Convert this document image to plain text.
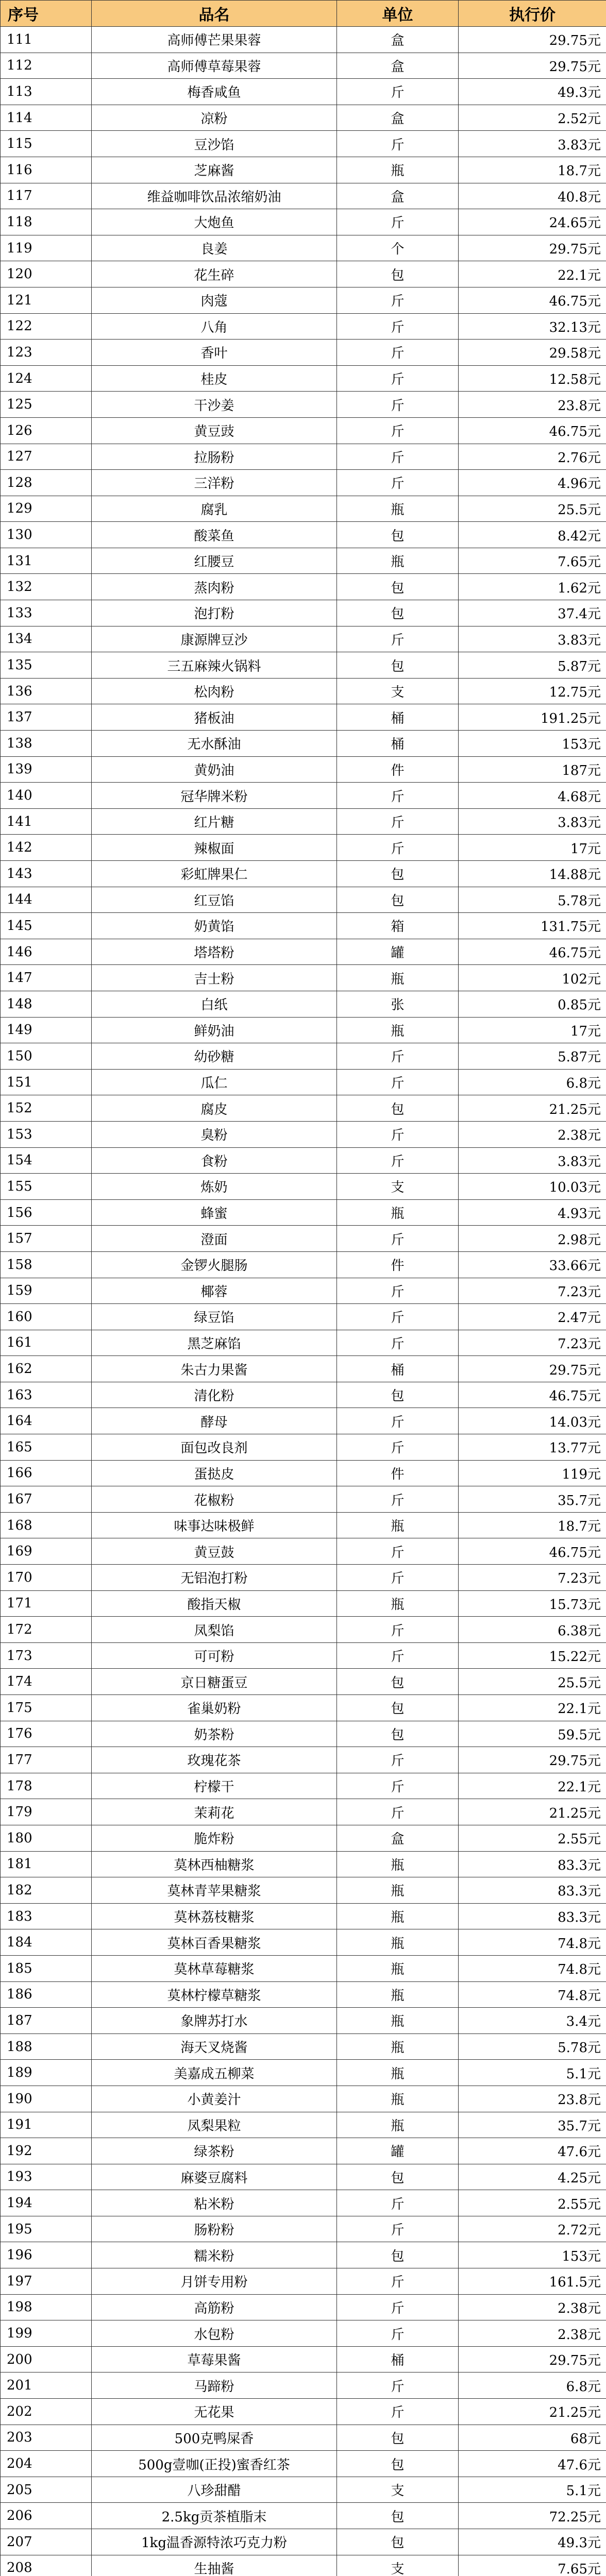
序号	品名	单位	执行价
111	高师傅芒果果蓉	盒	29.75元
112	高师傅草莓果蓉	盒	29.75元
113	梅香咸鱼	斤	49.3元
114	凉粉	盒	2.52元
115	豆沙馅	斤	3.83元
116	芝麻酱	瓶	18.7元
117	维益咖啡饮品浓缩奶油	盒	40.8元
118	大炮鱼	斤	24.65元
119	良姜	个	29.75元
120	花生碎	包	22.1元
121	肉蔻	斤	46.75元
122	八角	斤	32.13元
123	香叶	斤	29.58元
124	桂皮	斤	12.58元
125	干沙姜	斤	23.8元
126	黄豆豉	斤	46.75元
127	拉肠粉	斤	2.76元
128	三洋粉	斤	4.96元
129	腐乳	瓶	25.5元
130	酸菜鱼	包	8.42元
131	红腰豆	瓶	7.65元
132	蒸肉粉	包	1.62元
133	泡打粉	包	37.4元
134	康源牌豆沙	斤	3.83元
135	三五麻辣火锅料	包	5.87元
136	松肉粉	支	12.75元
137	猪板油	桶	191.25元
138	无水酥油	桶	153元
139	黄奶油	件	187元
140	冠华牌米粉	斤	4.68元
141	红片糖	斤	3.83元
142	辣椒面	斤	17元
143	彩虹牌果仁	包	14.88元
144	红豆馅	包	5.78元
145	奶黄馅	箱	131.75元
146	塔塔粉	罐	46.75元
147	吉士粉	瓶	102元
148	白纸	张	0.85元
149	鲜奶油	瓶	17元
150	幼砂糖	斤	5.87元
151	瓜仁	斤	6.8元
152	腐皮	包	21.25元
153	臭粉	斤	2.38元
154	食粉	斤	3.83元
155	炼奶	支	10.03元
156	蜂蜜	瓶	4.93元
157	澄面	斤	2.98元
158	金锣火腿肠	件	33.66元
159	椰蓉	斤	7.23元
160	绿豆馅	斤	2.47元
161	黑芝麻馅	斤	7.23元
162	朱古力果酱	桶	29.75元
163	清化粉	包	46.75元
164	酵母	斤	14.03元
165	面包改良剂	斤	13.77元
166	蛋挞皮	件	119元
167	花椒粉	斤	35.7元
168	味事达味极鲜	瓶	18.7元
169	黄豆鼓	斤	46.75元
170	无铝泡打粉	斤	7.23元
171	酸指天椒	瓶	15.73元
172	凤梨馅	斤	6.38元
173	可可粉	斤	15.22元
174	京日糖蛋豆	包	25.5元
175	雀巢奶粉	包	22.1元
176	奶茶粉	包	59.5元
177	玫瑰花茶	斤	29.75元
178	柠檬干	斤	22.1元
179	茉莉花	斤	21.25元
180	脆炸粉	盒	2.55元
181	莫林西柚糖浆	瓶	83.3元
182	莫林青苹果糖浆	瓶	83.3元
183	莫林荔枝糖浆	瓶	83.3元
184	莫林百香果糖浆	瓶	74.8元
185	莫林草莓糖浆	瓶	74.8元
186	莫林柠檬草糖浆	瓶	74.8元
187	象牌苏打水	瓶	3.4元
188	海天叉烧酱	瓶	5.78元
189	美嘉成五柳菜	瓶	5.1元
190	小黄姜汁	瓶	23.8元
191	凤梨果粒	瓶	35.7元
192	绿茶粉	罐	47.6元
193	麻婆豆腐料	包	4.25元
194	粘米粉	斤	2.55元
195	肠粉粉	斤	2.72元
196	糯米粉	包	153元
197	月饼专用粉	斤	161.5元
198	高筋粉	斤	2.38元
199	水包粉	斤	2.38元
200	草莓果酱	桶	29.75元
201	马蹄粉	斤	6.8元
202	无花果	斤	21.25元
203	500克鸭屎香	包	68元
204	500g壹咖(正投)蜜香红茶	包	47.6元
205	八珍甜醋	支	5.1元
206	2.5kg贡茶植脂末	包	72.25元
207	1kg温香源特浓巧克力粉	包	49.3元
208	生抽酱	支	7.65元
